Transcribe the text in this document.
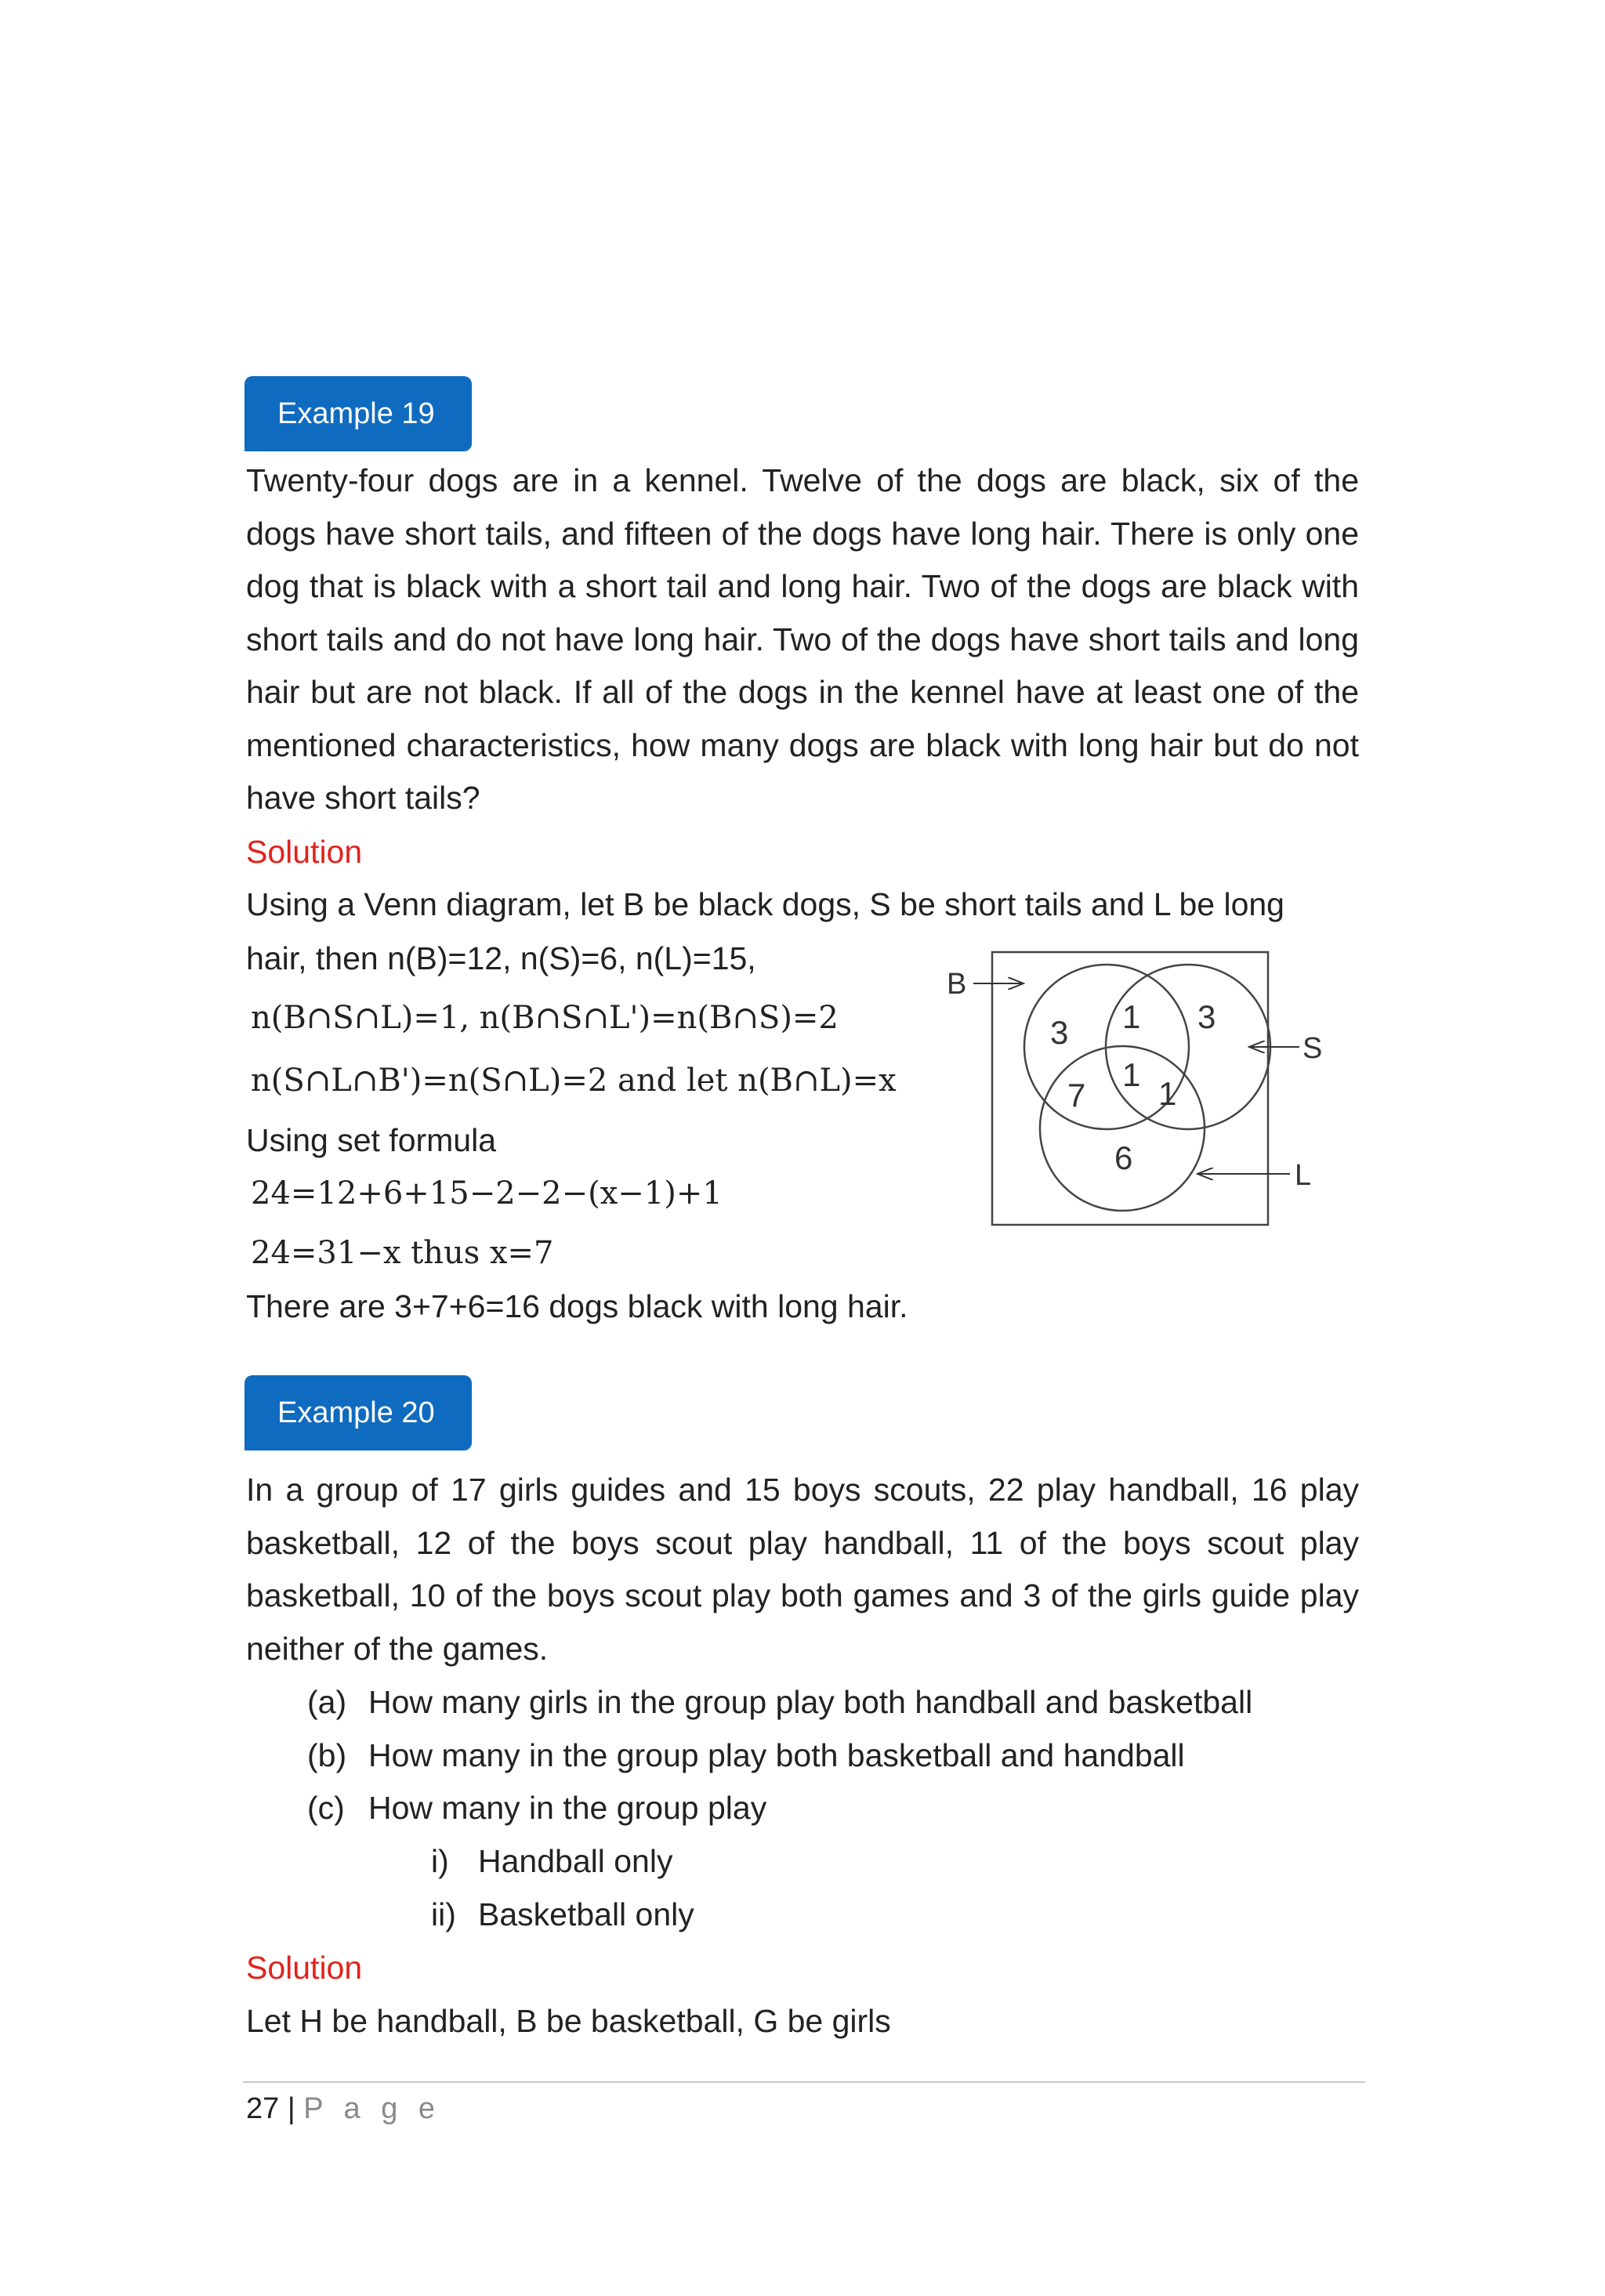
Example 19
Twenty-four dogs are in a kennel. Twelve of the dogs are black, six of the dogs have short tails, and fifteen of the dogs have long hair. There is only one dog that is black with a short tail and long hair. Two of the dogs are black with short tails and do not have long hair. Two of the dogs have short tails and long hair but are not black. If all of the dogs in the kennel have at least one of the mentioned characteristics, how many dogs are black with long hair but do not have short tails?
Solution
Using a Venn diagram, let B be black dogs, S be short tails and L be long
hair, then n(B)=12, n(S)=6, n(L)=15,
n(B∩S∩L)=1, n(B∩S∩L')=n(B∩S)=2
n(S∩L∩B')=n(S∩L)=2 and let n(B∩L)=x
Using set formula
24=12+6+15−2−2−(x−1)+1
24=31−x thus x=7
There are 3+7+6=16 dogs black with long hair.
B
S
L
3 1 3
1
7 1
6
Example 20
In a group of 17 girls guides and 15 boys scouts, 22 play handball, 16 play basketball, 12 of the boys scout play handball, 11 of the boys scout play basketball, 10 of the boys scout play both games and 3 of the girls guide play neither of the games.
(a) How many girls in the group play both handball and basketball
(b) How many in the group play both basketball and handball
(c) How many in the group play
i) Handball only
ii) Basketball only
Solution
Let H be handball, B be basketball, G be girls
27 | P a g e
